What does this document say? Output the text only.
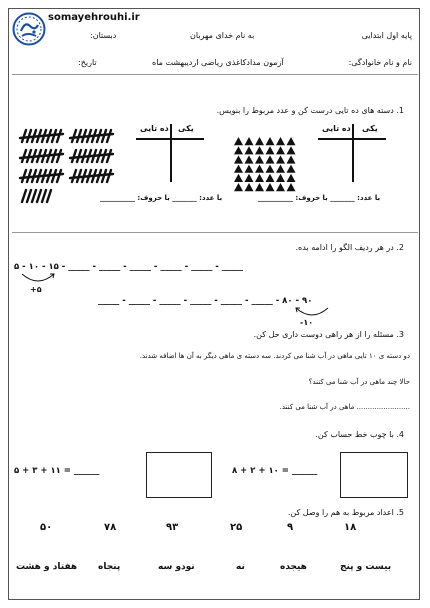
somayehrouhi.ir
پایه اول ابتدایی
به نام خدای مهربان
دبستان:
نام و نام خانوادگی:
آزمون مدادکاغذی ریاضی اردیبهشت ماه
تاریخ:
1. دسته های ده تایی درست کن و عدد مربوط را بنویس.
ده تایی یکی	ده تایی یکی
با عدد: _______ با حروف: __________	با عدد: _______ با حروف: __________
2. در هر ردیف الگو را ادامه بده.
۵ - ۱۰ - ۱۵ - _____ - _____ - _____ - _____ - _____ - _____
+۵
_____ - _____ - _____ - _____ - _____ - _____ - ۸۰ - ۹۰
-۱۰
3. مسئله را از هر راهی دوست داری حل کن.
دو دسته ی ۱۰ تایی ماهی در آب شنا می کردند. سه دسته ی ماهی دیگر به آن ها اضافه شدند.
حالا چند ماهی در آب شنا می کنند؟
........................ ماهی در آب شنا می کنند.
4. با چوب خط حساب کن.
۵ + ۳ + ۱۱ = ______	۸ + ۲ + ۱۰ = ______
5. اعداد مربوط به هم را وصل کن.
۱۸
۹
۲۵
۹۳
۷۸
۵۰
بیست و پنج
هیجده
نه
نودو سه
پنجاه
هفتاد و هشت
